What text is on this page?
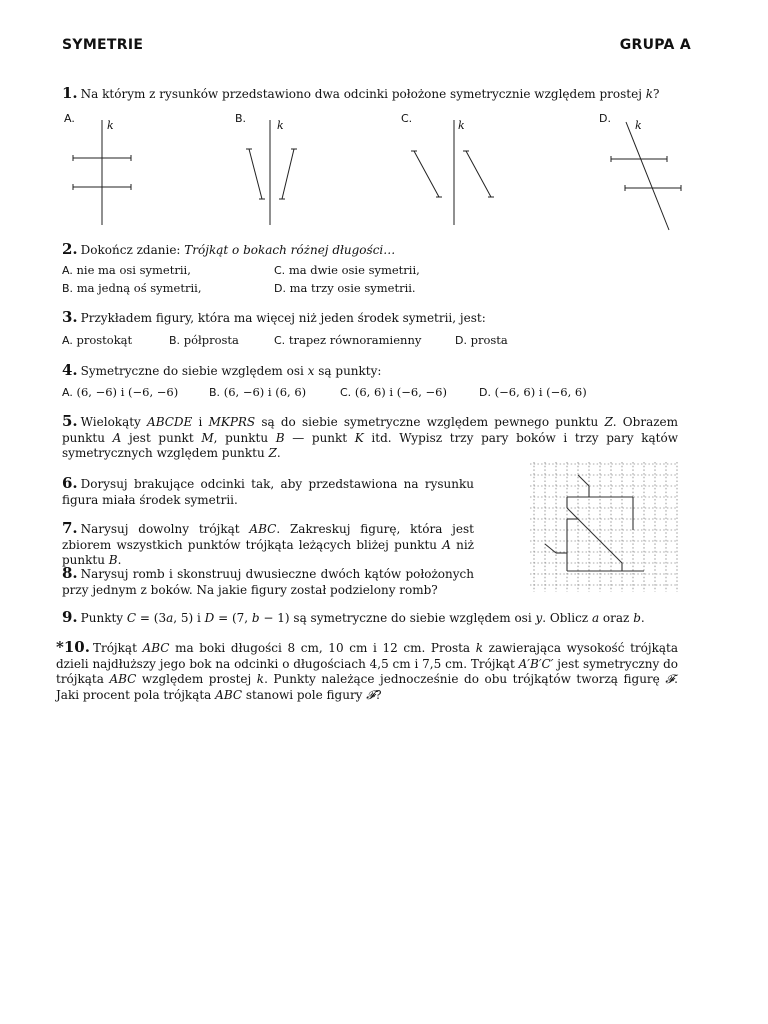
SYMETRIE	GRUPA A
1. Na którym z rysunków przedstawiono dwa odcinki położone symetrycznie względem prostej k?
A.	B.	C.	D.
k	k	k	k
2. Dokończ zdanie: Trójkąt o bokach różnej długości…
A. nie ma osi symetrii,	C. ma dwie osie symetrii,
B. ma jedną oś symetrii,	D. ma trzy osie symetrii.
3. Przykładem figury, która ma więcej niż jeden środek symetrii, jest:
A. prostokąt	B. półprosta	C. trapez równoramienny	D. prosta
4. Symetryczne do siebie względem osi x są punkty:
A. (6, −6) i (−6, −6)	B. (6, −6) i (6, 6)	C. (6, 6) i (−6, −6)	D. (−6, 6) i (−6, 6)
5. Wielokąty ABCDE i MKPRS są do siebie symetryczne względem pewnego punktu Z. Obrazem punktu A jest punkt M, punktu B — punkt K itd. Wypisz trzy pary boków i trzy pary kątów symetrycznych względem punktu Z.
6. Dorysuj brakujące odcinki tak, aby przedstawiona na rysunku figura miała środek symetrii.
7. Narysuj dowolny trójkąt ABC. Zakreskuj figurę, która jest zbiorem wszystkich punktów trójkąta leżących bliżej punktu A niż punktu B.
8. Narysuj romb i skonstruuj dwusieczne dwóch kątów położonych przy jednym z boków. Na jakie figury został podzielony romb?
9. Punkty C = (3a, 5) i D = (7, b − 1) są symetryczne do siebie względem osi y. Oblicz a oraz b.
*10. Trójkąt ABC ma boki długości 8 cm, 10 cm i 12 cm. Prosta k zawierająca wysokość trójkąta dzieli najdłuższy jego bok na odcinki o długościach 4,5 cm i 7,5 cm. Trójkąt A′B′C′ jest symetryczny do trójkąta ABC względem prostej k. Punkty należące jednocześnie do obu trójkątów tworzą figurę 𝓕. Jaki procent pola trójkąta ABC stanowi pole figury 𝓕?
